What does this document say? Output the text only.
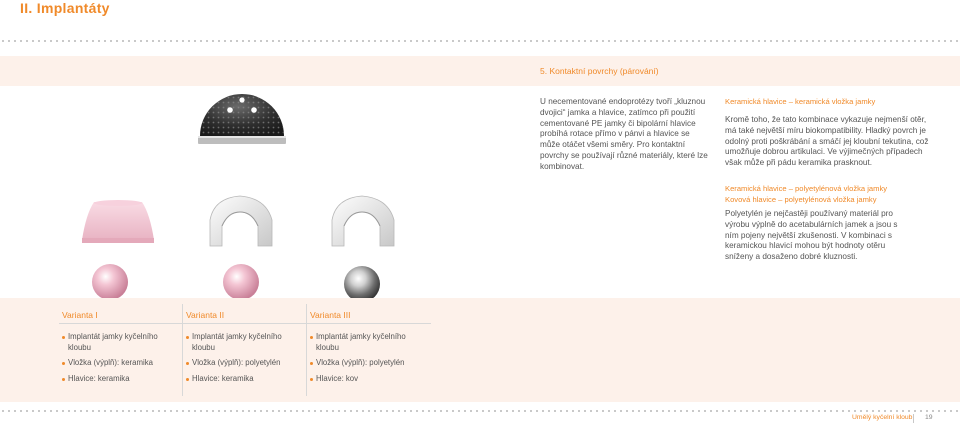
II. Implantáty
5. Kontaktní povrchy (párování)
U necementované endoprotézy tvoří „kluznou dvojici“ jamka a hlavice, zatímco při použití cementované PE jamky či bipolární hlavice probíhá rotace přímo v pánvi a hlavice se může otáčet všemi směry. Pro kontaktní povrchy se používají různé materiály, které lze kombinovat.
Keramická hlavice – keramická vložka jamky
Kromě toho, že tato kombinace vykazuje nejmenší otěr, má také největší míru biokompatibility. Hladký povrch je odolný proti poškrábání a smáčí jej kloubní tekutina, což umožňuje dobrou artikulaci. Ve výjimečných případech však může při pádu keramika prasknout.
Keramická hlavice – polyetylénová vložka jamky
Kovová hlavice – polyetylénová vložka jamky
Polyetylén je nejčastěji používaný materiál pro výrobu výplně do acetabulárních jamek a jsou s ním pojeny největší zkušenosti. V kombinaci s keramickou hlavicí mohou být hodnoty otěru sníženy a dosaženo dobré kluznosti.
Varianta I
Implantát jamky kyčelního kloubu
Vložka (výplň): keramika
Hlavice: keramika
Varianta II
Implantát jamky kyčelního kloubu
Vložka (výplň): polyetylén
Hlavice: keramika
Varianta III
Implantát jamky kyčelního kloubu
Vložka (výplň): polyetylén
Hlavice: kov
Umělý kyčelní kloub 19
